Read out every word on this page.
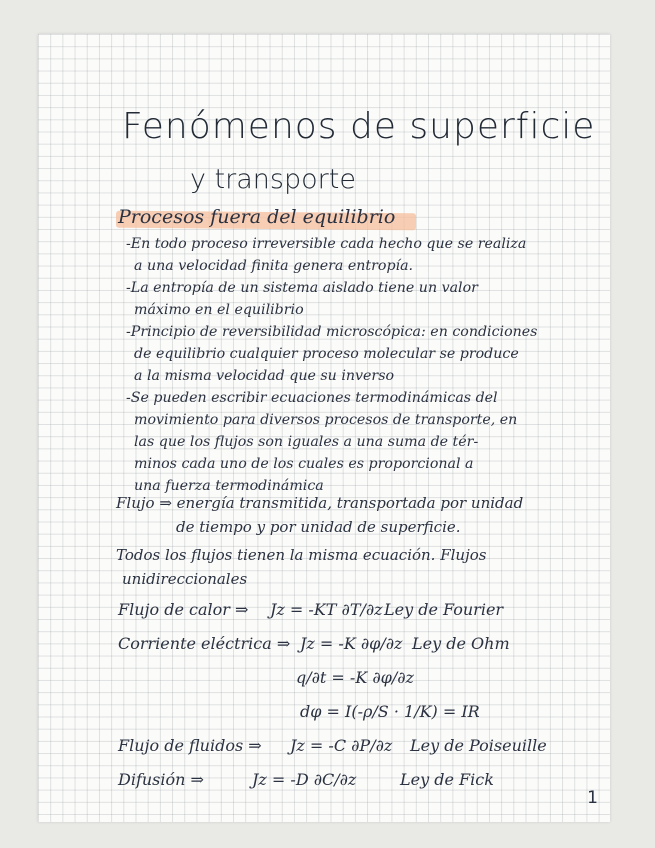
Fenómenos de superficie
y transporte
Procesos fuera del equilibrio
-En todo proceso irreversible cada hecho que se realiza
a una velocidad finita genera entropía.
-La entropía de un sistema aislado tiene un valor
máximo en el equilibrio
-Principio de reversibilidad microscópica: en condiciones
de equilibrio cualquier proceso molecular se produce
a la misma velocidad que su inverso
-Se pueden escribir ecuaciones termodinámicas del
movimiento para diversos procesos de transporte, en
las que los flujos son iguales a una suma de tér-
minos cada uno de los cuales es proporcional a
una fuerza termodinámica
Flujo ⇒ energía transmitida, transportada por unidad
de tiempo y por unidad de superficie.
Todos los flujos tienen la misma ecuación. Flujos
unidireccionales
Flujo de calor ⇒ Jz = -KT ∂T/∂z Ley de Fourier
Corriente eléctrica ⇒ Jz = -K ∂φ/∂z Ley de Ohm
q/∂t = -K ∂φ/∂z
dφ = I(-ρ/S · 1/K) = IR
Flujo de fluidos ⇒ Jz = -C ∂P/∂z Ley de Poiseuille
Difusión ⇒	Jz = -D ∂C/∂z	Ley de Fick
1
